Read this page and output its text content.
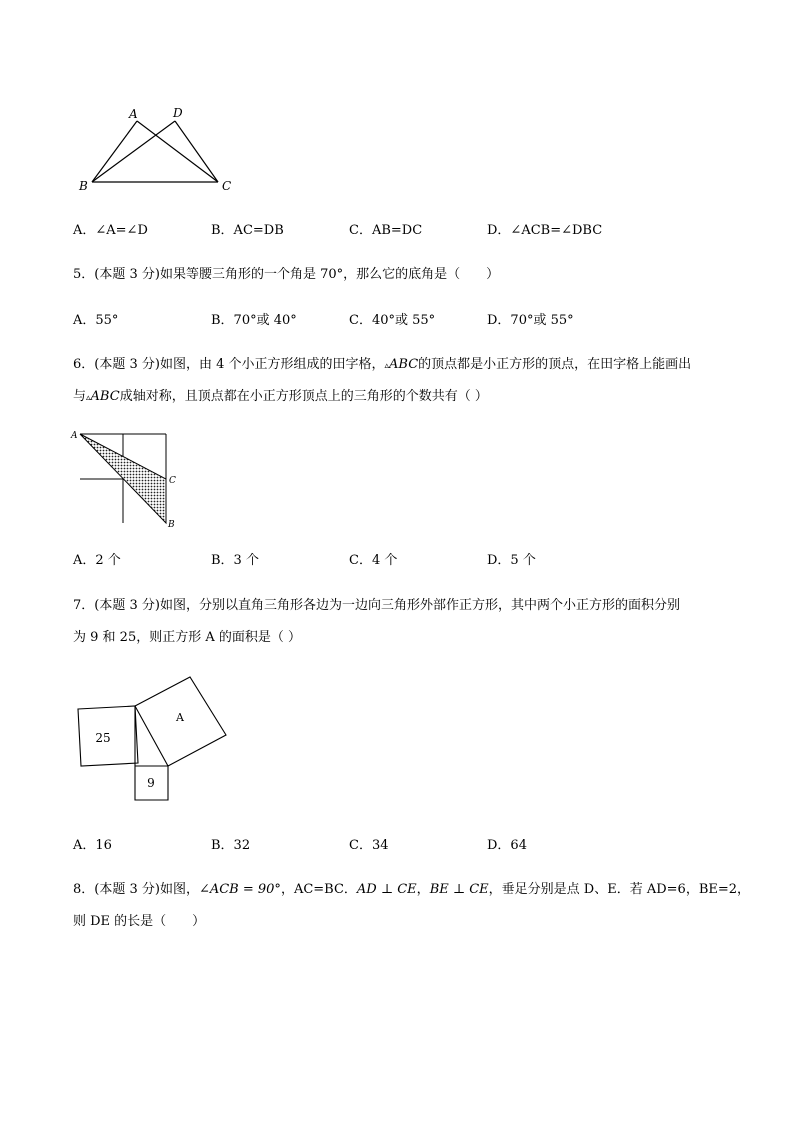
A	D
B	C
A．∠A=∠D	B．AC=DB	C．AB=DC	D．∠ACB=∠DBC
5．(本题 3 分)如果等腰三角形的一个角是 70°，那么它的底角是（　　）
A．55°	B．70°或 40°	C．40°或 55°	D．70°或 55°
6．(本题 3 分)如图，由 4 个小正方形组成的田字格，▵ABC的顶点都是小正方形的顶点，在田字格上能画出
与▵ABC成轴对称，且顶点都在小正方形顶点上的三角形的个数共有（ ）
A
C
B
A．2 个	B．3 个	C．4 个	D．5 个
7．(本题 3 分)如图，分别以直角三角形各边为一边向三角形外部作正方形，其中两个小正方形的面积分别
为 9 和 25，则正方形 A 的面积是（ ）
25
9
A
A．16	B．32	C．34	D．64
8．(本题 3 分)如图，∠ACB = 90°，AC=BC．AD ⊥ CE，BE ⊥ CE，垂足分别是点 D、E．若 AD=6，BE=2，
则 DE 的长是（　　）
